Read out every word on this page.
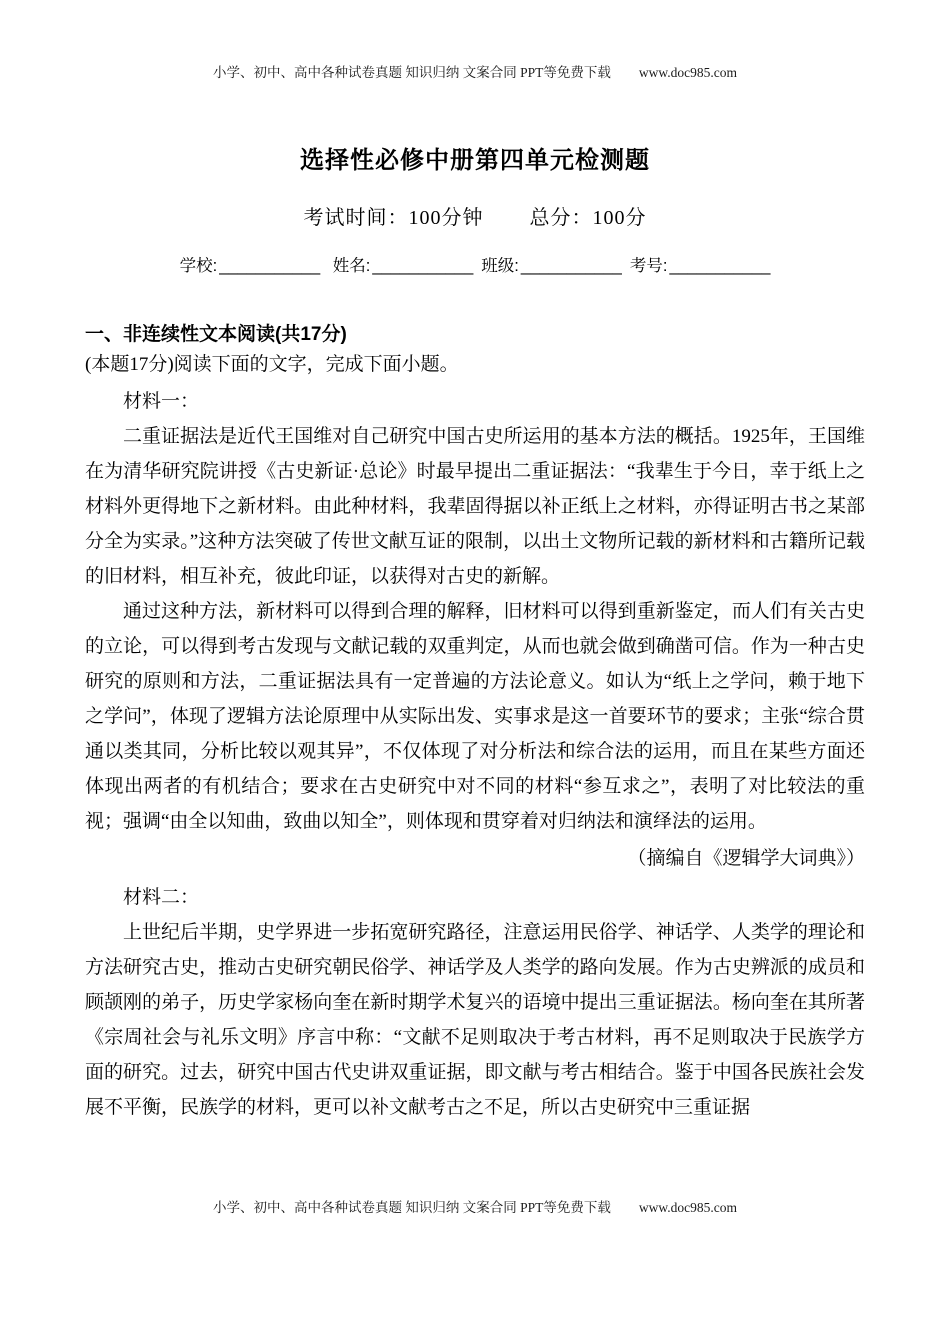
小学、初中、高中各种试卷真题 知识归纳 文案合同 PPT等免费下载 www.doc985.com
选择性必修中册第四单元检测题
考试时间：100分钟 总分：100分
学校: ___________ 姓名: ___________ 班级: ___________ 考号: ___________

一、非连续性文本阅读(共17分)

(本题17分)阅读下面的文字，完成下面小题。

材料一：

二重证据法是近代王国维对自己研究中国古史所运用的基本方法的概括。1925年，王国维在为清华研究院讲授《古史新证·总论》时最早提出二重证据法：“我辈生于今日，幸于纸上之材料外更得地下之新材料。由此种材料，我辈固得据以补正纸上之材料，亦得证明古书之某部分全为实录。”这种方法突破了传世文献互证的限制，以出土文物所记载的新材料和古籍所记载的旧材料，相互补充，彼此印证，以获得对古史的新解。

通过这种方法，新材料可以得到合理的解释，旧材料可以得到重新鉴定，而人们有关古史的立论，可以得到考古发现与文献记载的双重判定，从而也就会做到确凿可信。作为一种古史研究的原则和方法，二重证据法具有一定普遍的方法论意义。如认为“纸上之学问，赖于地下之学问”，体现了逻辑方法论原理中从实际出发、实事求是这一首要环节的要求；主张“综合贯通以类其同，分析比较以观其异”，不仅体现了对分析法和综合法的运用，而且在某些方面还体现出两者的有机结合；要求在古史研究中对不同的材料“参互求之”，表明了对比较法的重视；强调“由全以知曲，致曲以知全”，则体现和贯穿着对归纳法和演绎法的运用。

（摘编自《逻辑学大词典》）

材料二：

上世纪后半期，史学界进一步拓宽研究路径，注意运用民俗学、神话学、人类学的理论和方法研究古史，推动古史研究朝民俗学、神话学及人类学的路向发展。作为古史辨派的成员和顾颉刚的弟子，历史学家杨向奎在新时期学术复兴的语境中提出三重证据法。杨向奎在其所著《宗周社会与礼乐文明》序言中称：“文献不足则取决于考古材料，再不足则取决于民族学方面的研究。过去，研究中国古代史讲双重证据，即文献与考古相结合。鉴于中国各民族社会发展不平衡，民族学的材料，更可以补文献考古之不足，所以古史研究中三重证据

小学、初中、高中各种试卷真题 知识归纳 文案合同 PPT等免费下载 www.doc985.com
